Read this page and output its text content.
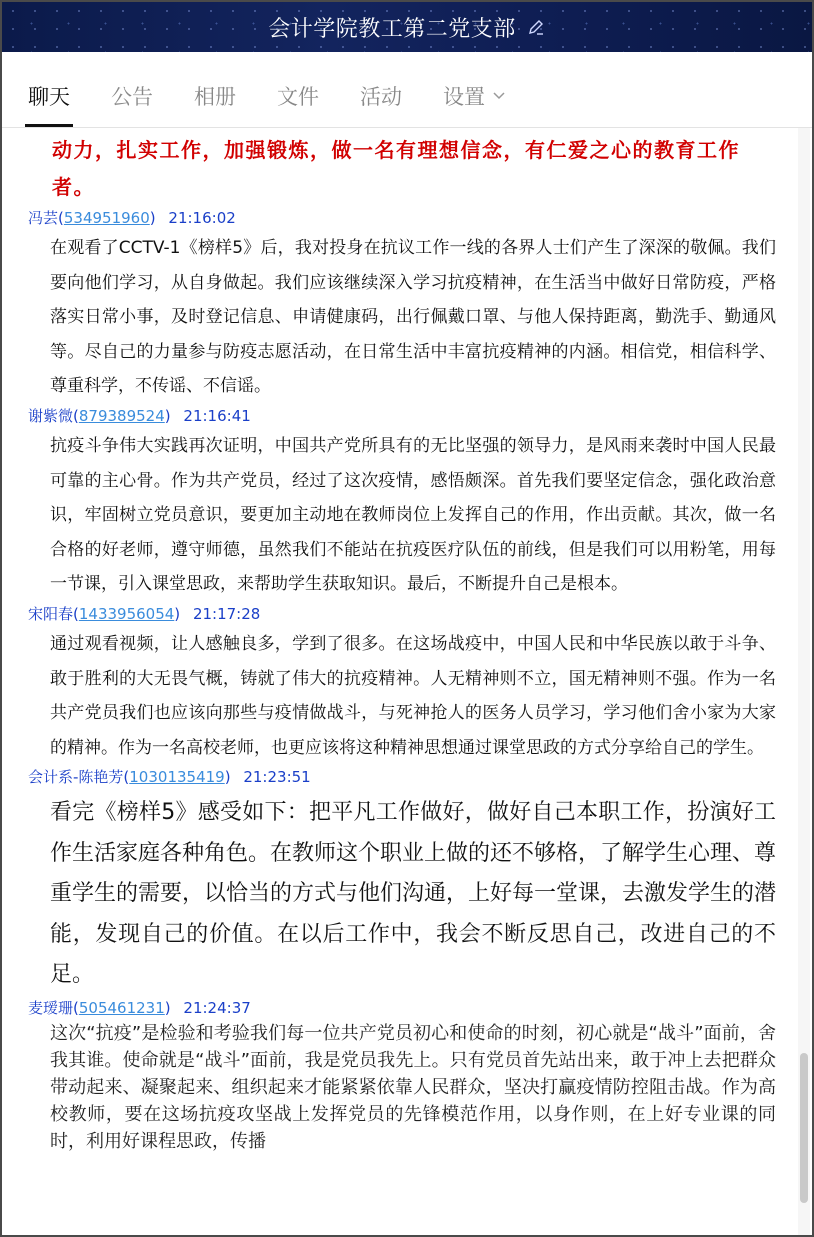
会计学院教工第二党支部
聊天 公告 相册 文件 活动 设置
动力，扎实工作，加强锻炼，做一名有理想信念，有仁爱之心的教育工作者。
冯芸(534951960) 21:16:02
在观看了CCTV-1《榜样5》后，我对投身在抗议工作一线的各界人士们产生了深深的敬佩。我们要向他们学习，从自身做起。我们应该继续深入学习抗疫精神，在生活当中做好日常防疫，严格落实日常小事，及时登记信息、申请健康码，出行佩戴口罩、与他人保持距离，勤洗手、勤通风等。尽自己的力量参与防疫志愿活动，在日常生活中丰富抗疫精神的内涵。相信党，相信科学、尊重科学，不传谣、不信谣。
谢紫微(879389524) 21:16:41
抗疫斗争伟大实践再次证明，中国共产党所具有的无比坚强的领导力，是风雨来袭时中国人民最可靠的主心骨。作为共产党员，经过了这次疫情，感悟颇深。首先我们要坚定信念，强化政治意识，牢固树立党员意识，要更加主动地在教师岗位上发挥自己的作用，作出贡献。其次，做一名合格的好老师，遵守师德，虽然我们不能站在抗疫医疗队伍的前线，但是我们可以用粉笔，用每一节课，引入课堂思政，来帮助学生获取知识。最后，不断提升自己是根本。
宋阳春(1433956054) 21:17:28
通过观看视频，让人感触良多，学到了很多。在这场战疫中，中国人民和中华民族以敢于斗争、敢于胜利的大无畏气概，铸就了伟大的抗疫精神。人无精神则不立，国无精神则不强。作为一名共产党员我们也应该向那些与疫情做战斗，与死神抢人的医务人员学习，学习他们舍小家为大家的精神。作为一名高校老师，也更应该将这种精神思想通过课堂思政的方式分享给自己的学生。
会计系-陈艳芳(1030135419) 21:23:51
看完《榜样5》感受如下：把平凡工作做好，做好自己本职工作，扮演好工作生活家庭各种角色。在教师这个职业上做的还不够格，了解学生心理、尊重学生的需要，以恰当的方式与他们沟通，上好每一堂课，去激发学生的潜能，发现自己的价值。在以后工作中，我会不断反思自己，改进自己的不足。
麦瑷珊(505461231) 21:24:37
这次“抗疫”是检验和考验我们每一位共产党员初心和使命的时刻，初心就是“战斗”面前，舍我其谁。使命就是“战斗”面前，我是党员我先上。只有党员首先站出来，敢于冲上去把群众带动起来、凝聚起来、组织起来才能紧紧依靠人民群众，坚决打赢疫情防控阻击战。作为高校教师，要在这场抗疫攻坚战上发挥党员的先锋模范作用，以身作则，在上好专业课的同时，利用好课程思政，传播
